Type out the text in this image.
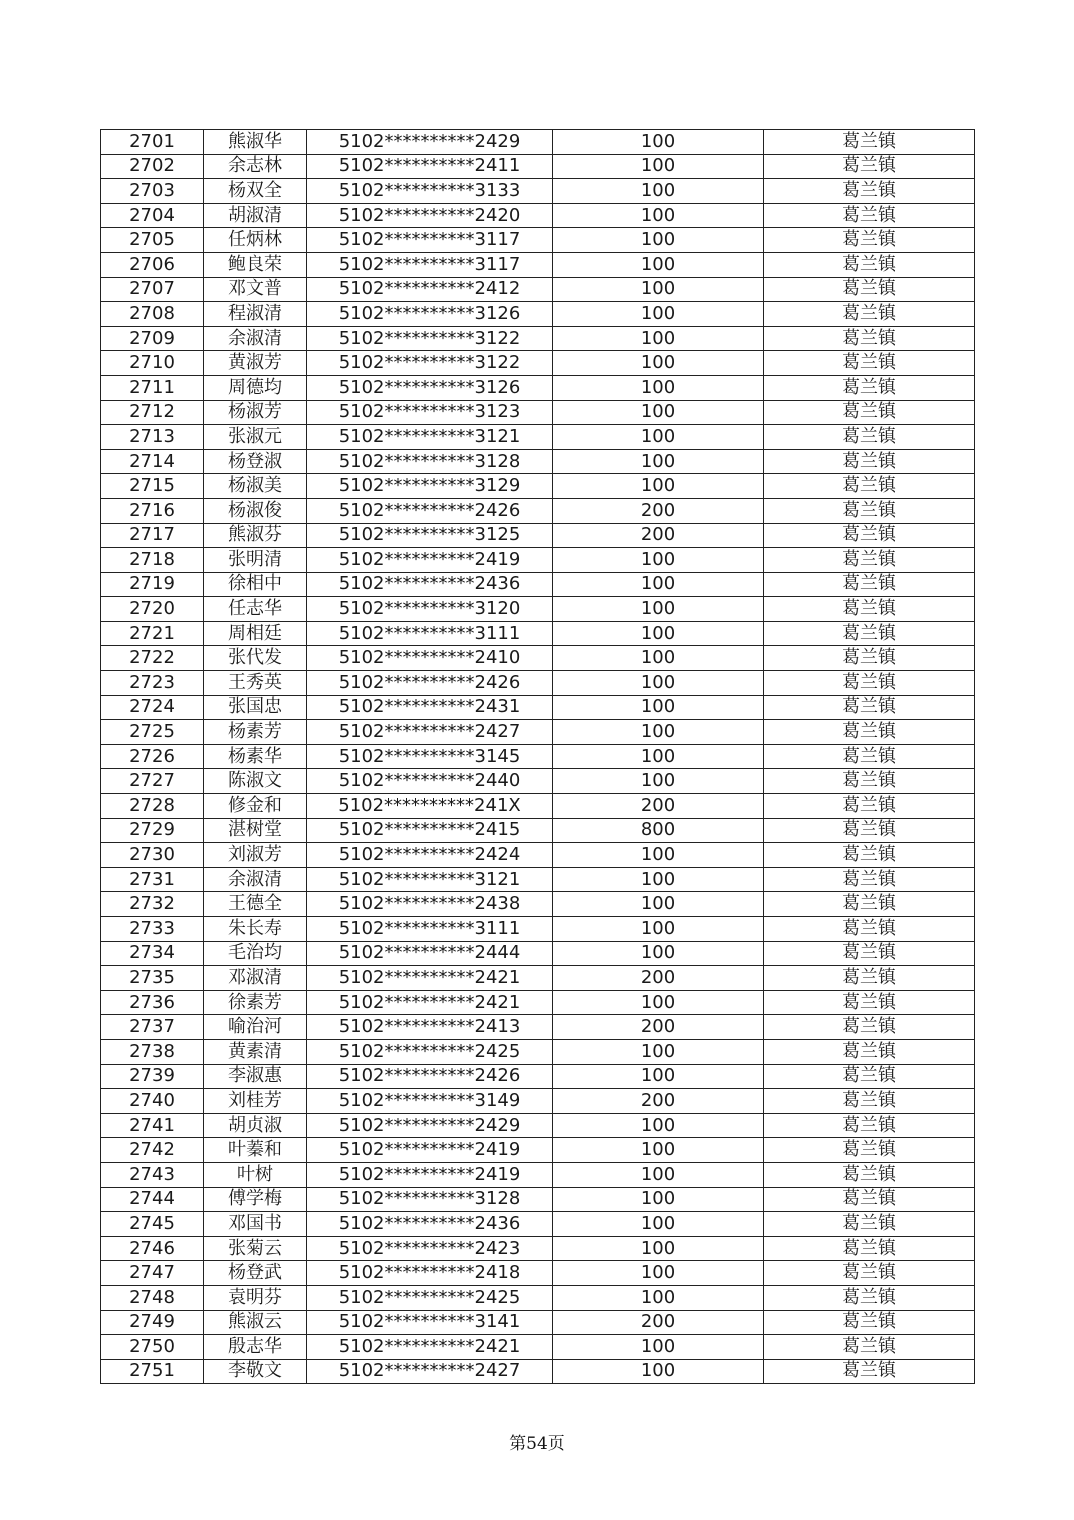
2701	熊淑华	5102**********2429	100	葛兰镇
2702	余志林	5102**********2411	100	葛兰镇
2703	杨双全	5102**********3133	100	葛兰镇
2704	胡淑清	5102**********2420	100	葛兰镇
2705	任炳林	5102**********3117	100	葛兰镇
2706	鲍良荣	5102**********3117	100	葛兰镇
2707	邓文普	5102**********2412	100	葛兰镇
2708	程淑清	5102**********3126	100	葛兰镇
2709	余淑清	5102**********3122	100	葛兰镇
2710	黄淑芳	5102**********3122	100	葛兰镇
2711	周德均	5102**********3126	100	葛兰镇
2712	杨淑芳	5102**********3123	100	葛兰镇
2713	张淑元	5102**********3121	100	葛兰镇
2714	杨登淑	5102**********3128	100	葛兰镇
2715	杨淑美	5102**********3129	100	葛兰镇
2716	杨淑俊	5102**********2426	200	葛兰镇
2717	熊淑芬	5102**********3125	200	葛兰镇
2718	张明清	5102**********2419	100	葛兰镇
2719	徐相中	5102**********2436	100	葛兰镇
2720	任志华	5102**********3120	100	葛兰镇
2721	周相廷	5102**********3111	100	葛兰镇
2722	张代发	5102**********2410	100	葛兰镇
2723	王秀英	5102**********2426	100	葛兰镇
2724	张国忠	5102**********2431	100	葛兰镇
2725	杨素芳	5102**********2427	100	葛兰镇
2726	杨素华	5102**********3145	100	葛兰镇
2727	陈淑文	5102**********2440	100	葛兰镇
2728	修金和	5102**********241X	200	葛兰镇
2729	湛树堂	5102**********2415	800	葛兰镇
2730	刘淑芳	5102**********2424	100	葛兰镇
2731	余淑清	5102**********3121	100	葛兰镇
2732	王德全	5102**********2438	100	葛兰镇
2733	朱长寿	5102**********3111	100	葛兰镇
2734	毛治均	5102**********2444	100	葛兰镇
2735	邓淑清	5102**********2421	200	葛兰镇
2736	徐素芳	5102**********2421	100	葛兰镇
2737	喻治河	5102**********2413	200	葛兰镇
2738	黄素清	5102**********2425	100	葛兰镇
2739	李淑惠	5102**********2426	100	葛兰镇
2740	刘桂芳	5102**********3149	200	葛兰镇
2741	胡贞淑	5102**********2429	100	葛兰镇
2742	叶蓁和	5102**********2419	100	葛兰镇
2743	叶树	5102**********2419	100	葛兰镇
2744	傅学梅	5102**********3128	100	葛兰镇
2745	邓国书	5102**********2436	100	葛兰镇
2746	张菊云	5102**********2423	100	葛兰镇
2747	杨登武	5102**********2418	100	葛兰镇
2748	袁明芬	5102**********2425	100	葛兰镇
2749	熊淑云	5102**********3141	200	葛兰镇
2750	殷志华	5102**********2421	100	葛兰镇
2751	李敬文	5102**********2427	100	葛兰镇
第54页
